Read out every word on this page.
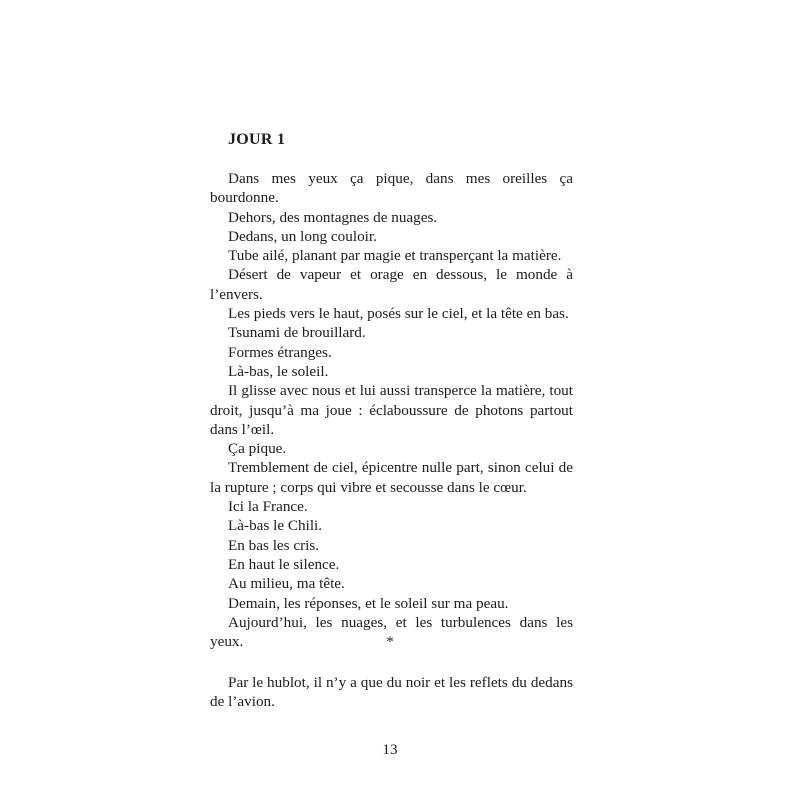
JOUR 1

Dans mes yeux ça pique, dans mes oreilles ça bourdonne.

Dehors, des montagnes de nuages.

Dedans, un long couloir.

Tube ailé, planant par magie et transperçant la matière.

Désert de vapeur et orage en dessous, le monde à l’envers.

Les pieds vers le haut, posés sur le ciel, et la tête en bas.

Tsunami de brouillard.

Formes étranges.

Là-bas, le soleil.

Il glisse avec nous et lui aussi transperce la matière, tout droit, jusqu’à ma joue : éclaboussure de photons partout dans l’œil.

Ça pique.

Tremblement de ciel, épicentre nulle part, sinon celui de la rupture ; corps qui vibre et secousse dans le cœur.

Ici la France.

Là-bas le Chili.

En bas les cris.

En haut le silence.

Au milieu, ma tête.

Demain, les réponses, et le soleil sur ma peau.

Aujourd’hui, les nuages, et les turbulences dans les yeux.	*

Par le hublot, il n’y a que du noir et les reflets du dedans de l’avion.

13
